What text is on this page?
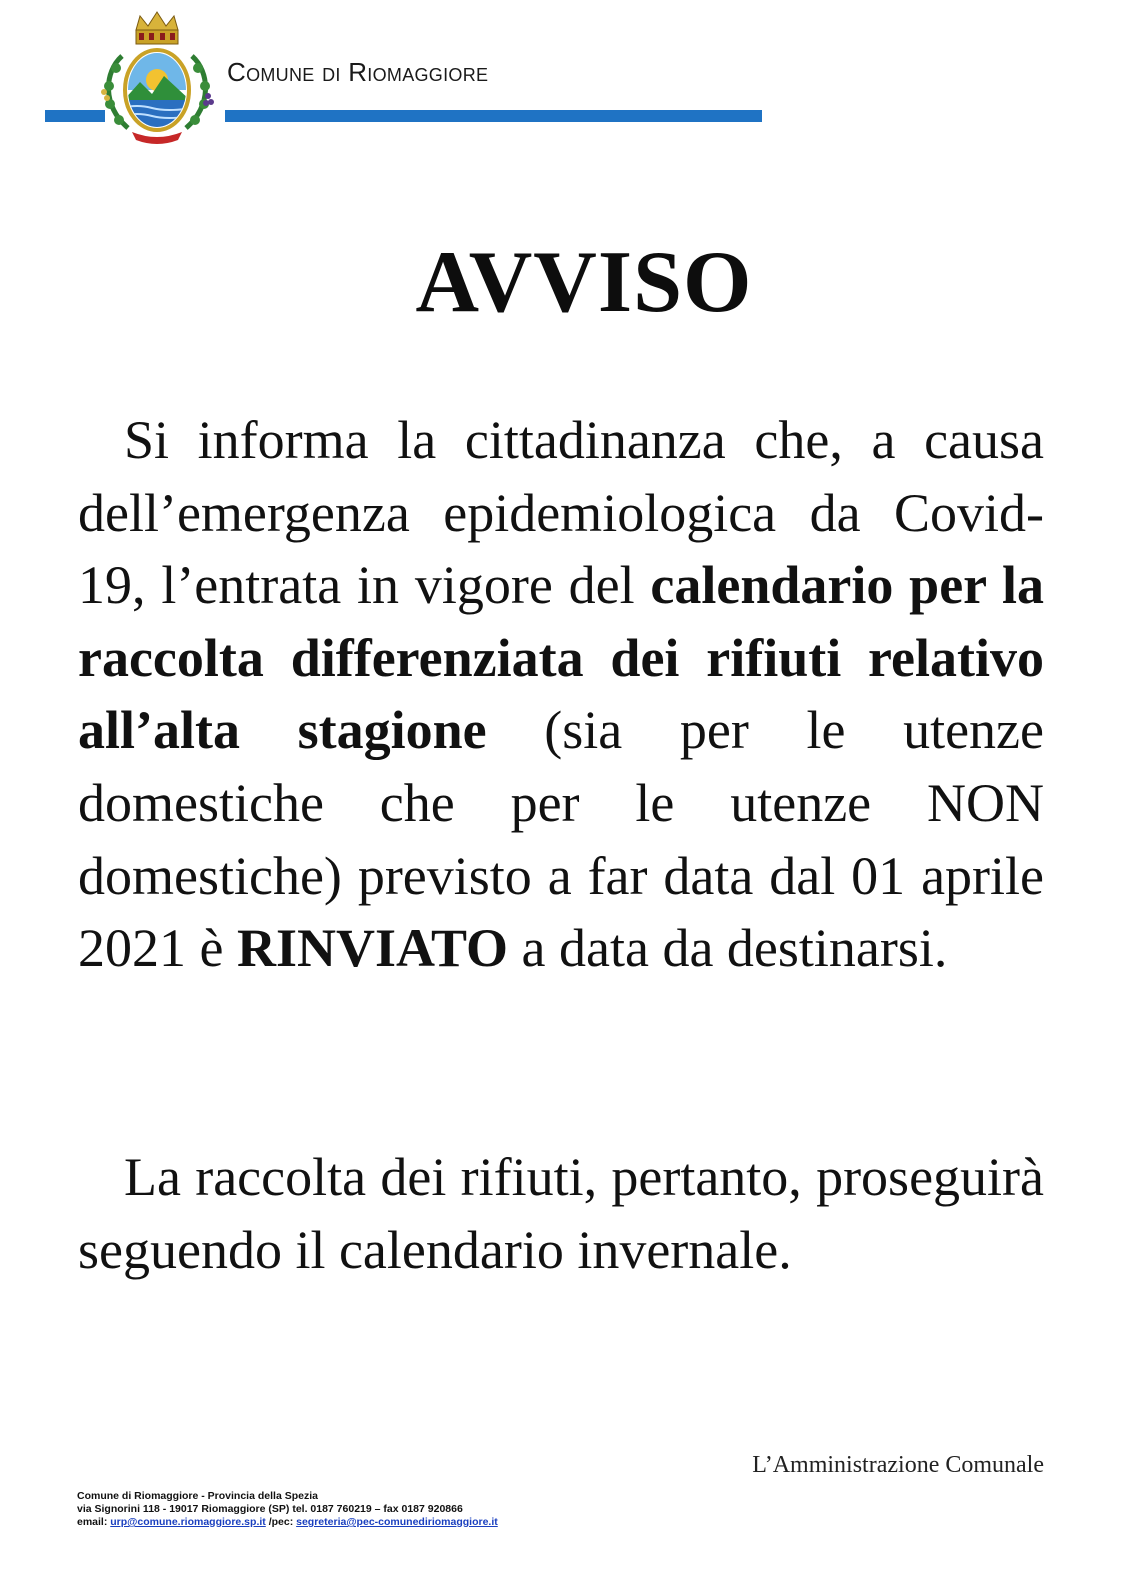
Comune di Riomaggiore
AVVISO

Si informa la cittadinanza che, a causa dell’emergenza epidemiologica da Covid-19, l’entrata in vigore del calendario per la raccolta differenziata dei rifiuti relativo all’alta stagione (sia per le utenze domestiche che per le utenze NON domestiche) previsto a far data dal 01 aprile 2021 è RINVIATO a data da destinarsi.

La raccolta dei rifiuti, pertanto, proseguirà seguendo il calendario invernale.

L’Amministrazione Comunale
Comune di Riomaggiore - Provincia della Spezia
via Signorini 118 - 19017 Riomaggiore (SP) tel. 0187 760219 – fax 0187 920866
email: urp@comune.riomaggiore.sp.it /pec: segreteria@pec-comunediriomaggiore.it
